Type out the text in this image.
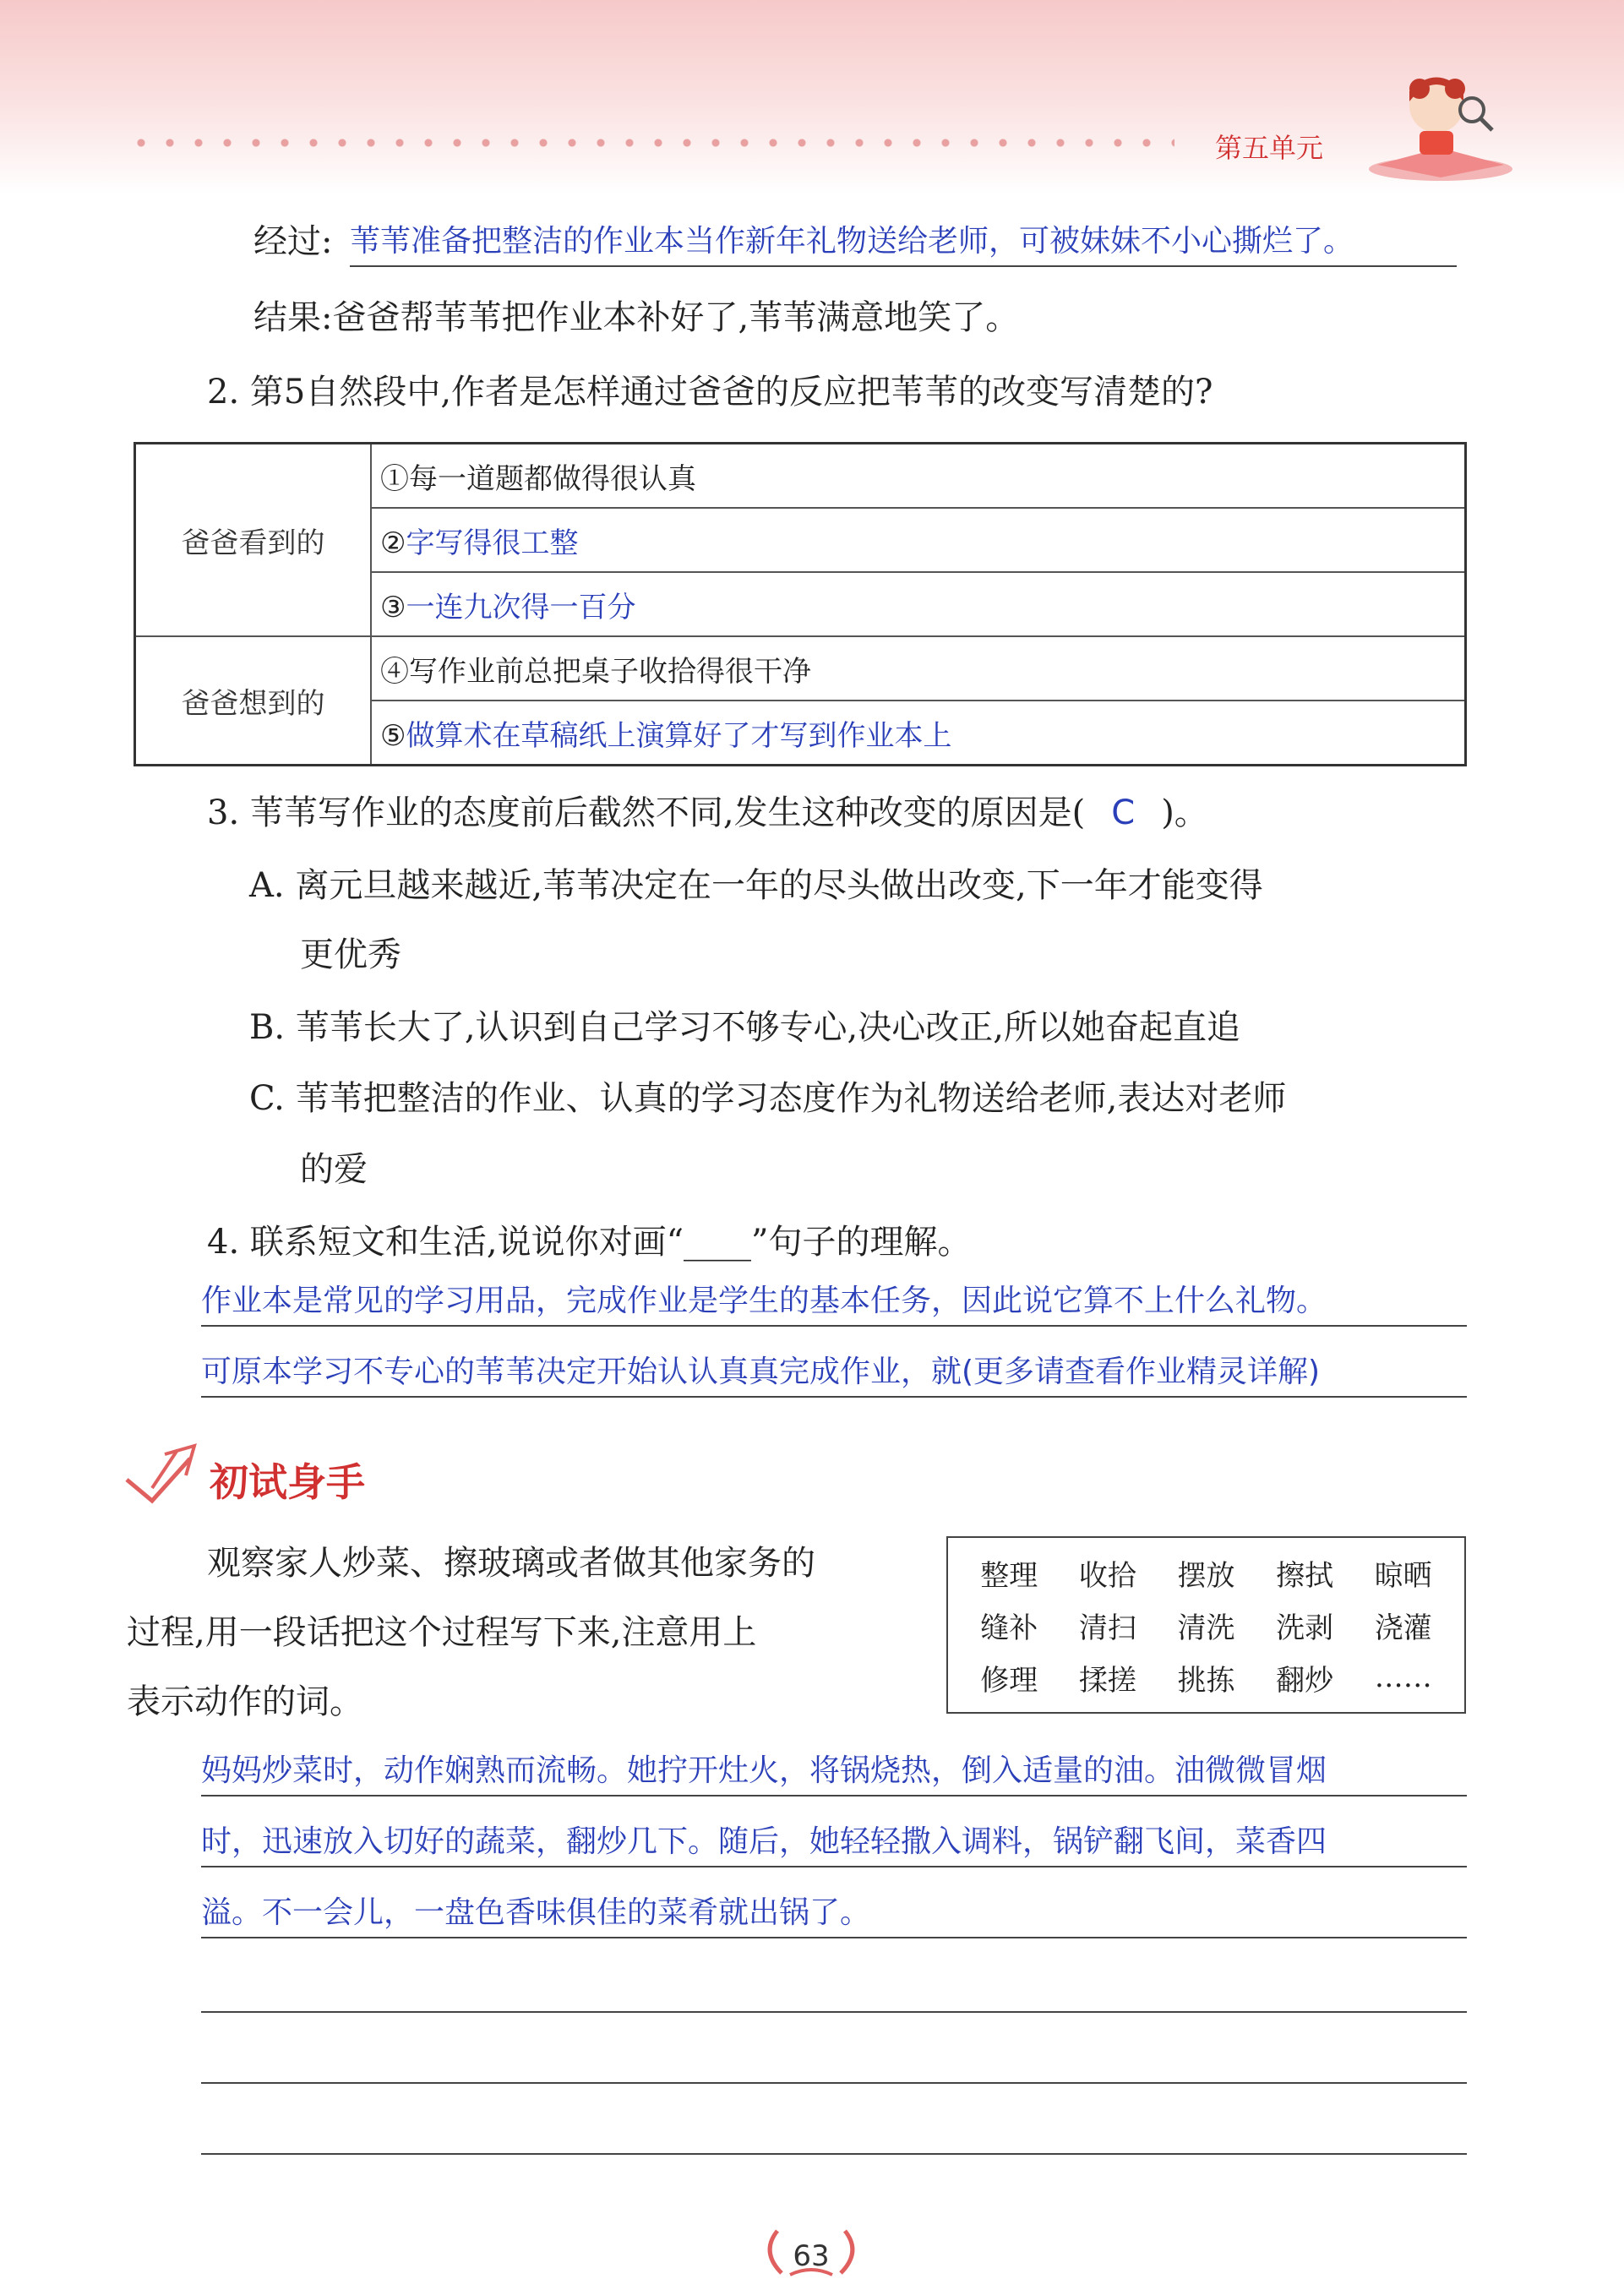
第五单元
经过: 苇苇准备把整洁的作业本当作新年礼物送给老师，可被妹妹不小心撕烂了。
结果:爸爸帮苇苇把作业本补好了,苇苇满意地笑了。
2. 第5自然段中,作者是怎样通过爸爸的反应把苇苇的改变写清楚的?
爸爸看到的	①每一道题都做得很认真
	②字写得很工整
	③一连九次得一百分
爸爸想到的	④写作业前总把桌子收拾得很干净
	⑤做算术在草稿纸上演算好了才写到作业本上
3. 苇苇写作业的态度前后截然不同,发生这种改变的原因是( C )。
A. 离元旦越来越近,苇苇决定在一年的尽头做出改变,下一年才能变得
更优秀
B. 苇苇长大了,认识到自己学习不够专心,决心改正,所以她奋起直追
C. 苇苇把整洁的作业、认真的学习态度作为礼物送给老师,表达对老师
的爱
4. 联系短文和生活,说说你对画“____”句子的理解。
作业本是常见的学习用品，完成作业是学生的基本任务，因此说它算不上什么礼物。
可原本学习不专心的苇苇决定开始认认真真完成作业，就(更多请查看作业精灵详解)
初试身手
观察家人炒菜、擦玻璃或者做其他家务的
过程,用一段话把这个过程写下来,注意用上
表示动作的词。
整理	收拾	摆放	擦拭	晾晒
缝补	清扫	清洗	洗剥	浇灌
修理	揉搓	挑拣	翻炒	……
妈妈炒菜时，动作娴熟而流畅。她拧开灶火，将锅烧热，倒入适量的油。油微微冒烟
时，迅速放入切好的蔬菜，翻炒几下。随后，她轻轻撒入调料，锅铲翻飞间，菜香四
溢。不一会儿，一盘色香味俱佳的菜肴就出锅了。
63
